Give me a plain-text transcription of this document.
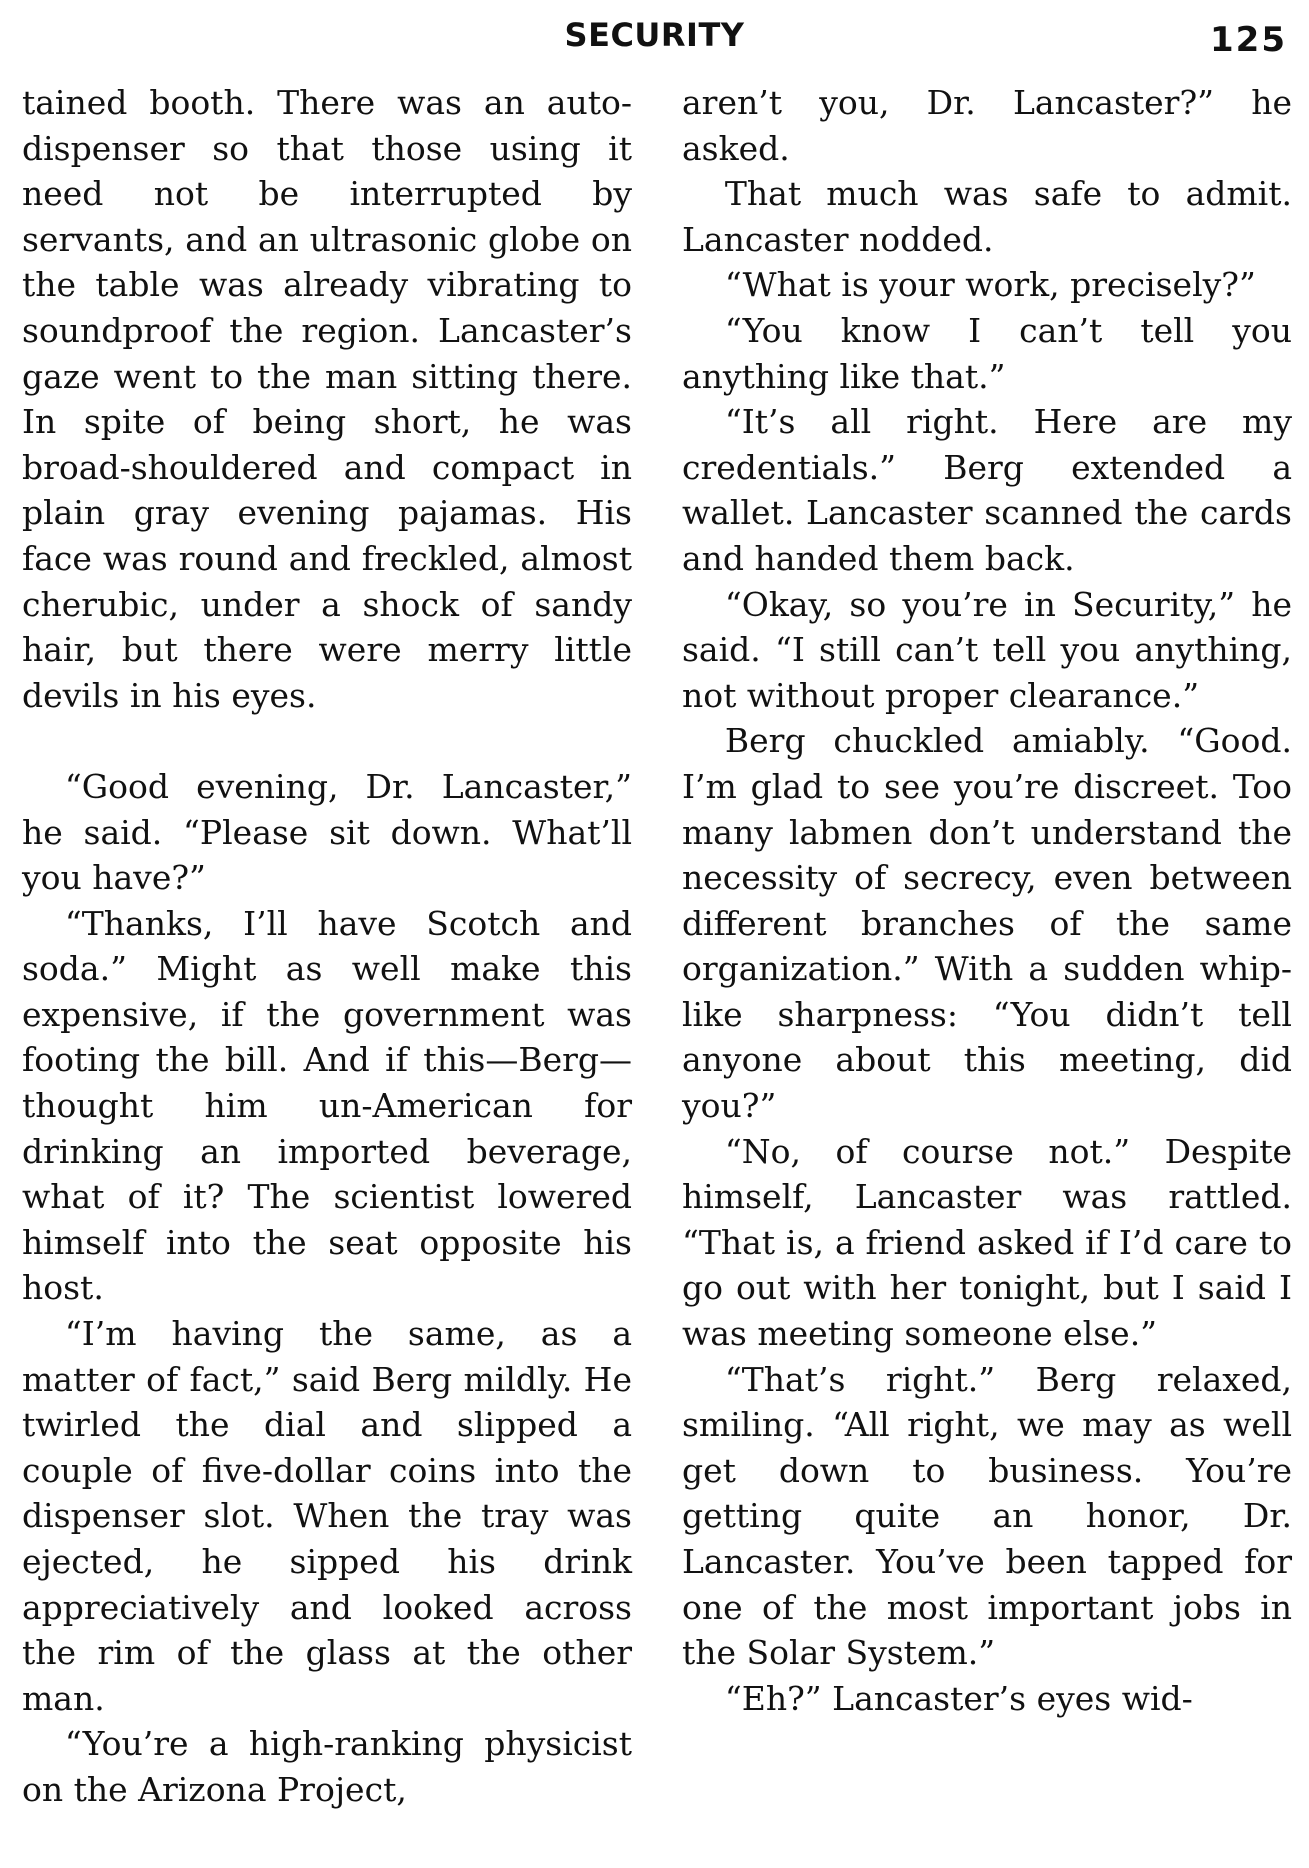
SECURITY	125

tained booth. There was an auto-dispenser so that those using it need not be interrupted by servants, and an ultrasonic globe on the table was already vibrating to soundproof the region. Lancaster’s gaze went to the man sitting there. In spite of being short, he was broad-shouldered and compact in plain gray evening pajamas. His face was round and freckled, almost cherubic, under a shock of sandy hair, but there were merry little devils in his eyes.

“Good evening, Dr. Lancaster,” he said. “Please sit down. What’ll you have?”

“Thanks, I’ll have Scotch and soda.” Might as well make this expensive, if the government was footing the bill. And if this—Berg—thought him un-American for drinking an imported beverage, what of it? The scientist lowered himself into the seat opposite his host.

“I’m having the same, as a matter of fact,” said Berg mildly. He twirled the dial and slipped a couple of five-dollar coins into the dispenser slot. When the tray was ejected, he sipped his drink appreciatively and looked across the rim of the glass at the other man.

“You’re a high-ranking physicist on the Arizona Project,

aren’t you, Dr. Lancaster?” he asked.

That much was safe to admit. Lancaster nodded.

“What is your work, precisely?”

“You know I can’t tell you anything like that.”

“It’s all right. Here are my credentials.” Berg extended a wallet. Lancaster scanned the cards and handed them back.

“Okay, so you’re in Security,” he said. “I still can’t tell you anything, not without proper clearance.”

Berg chuckled amiably. “Good. I’m glad to see you’re discreet. Too many labmen don’t understand the necessity of secrecy, even between different branches of the same organization.” With a sudden whip-like sharpness: “You didn’t tell anyone about this meeting, did you?”

“No, of course not.” Despite himself, Lancaster was rattled. “That is, a friend asked if I’d care to go out with her tonight, but I said I was meeting someone else.”

“That’s right.” Berg relaxed, smiling. “All right, we may as well get down to business. You’re getting quite an honor, Dr. Lancaster. You’ve been tapped for one of the most important jobs in the Solar System.”

“Eh?” Lancaster’s eyes wid-
